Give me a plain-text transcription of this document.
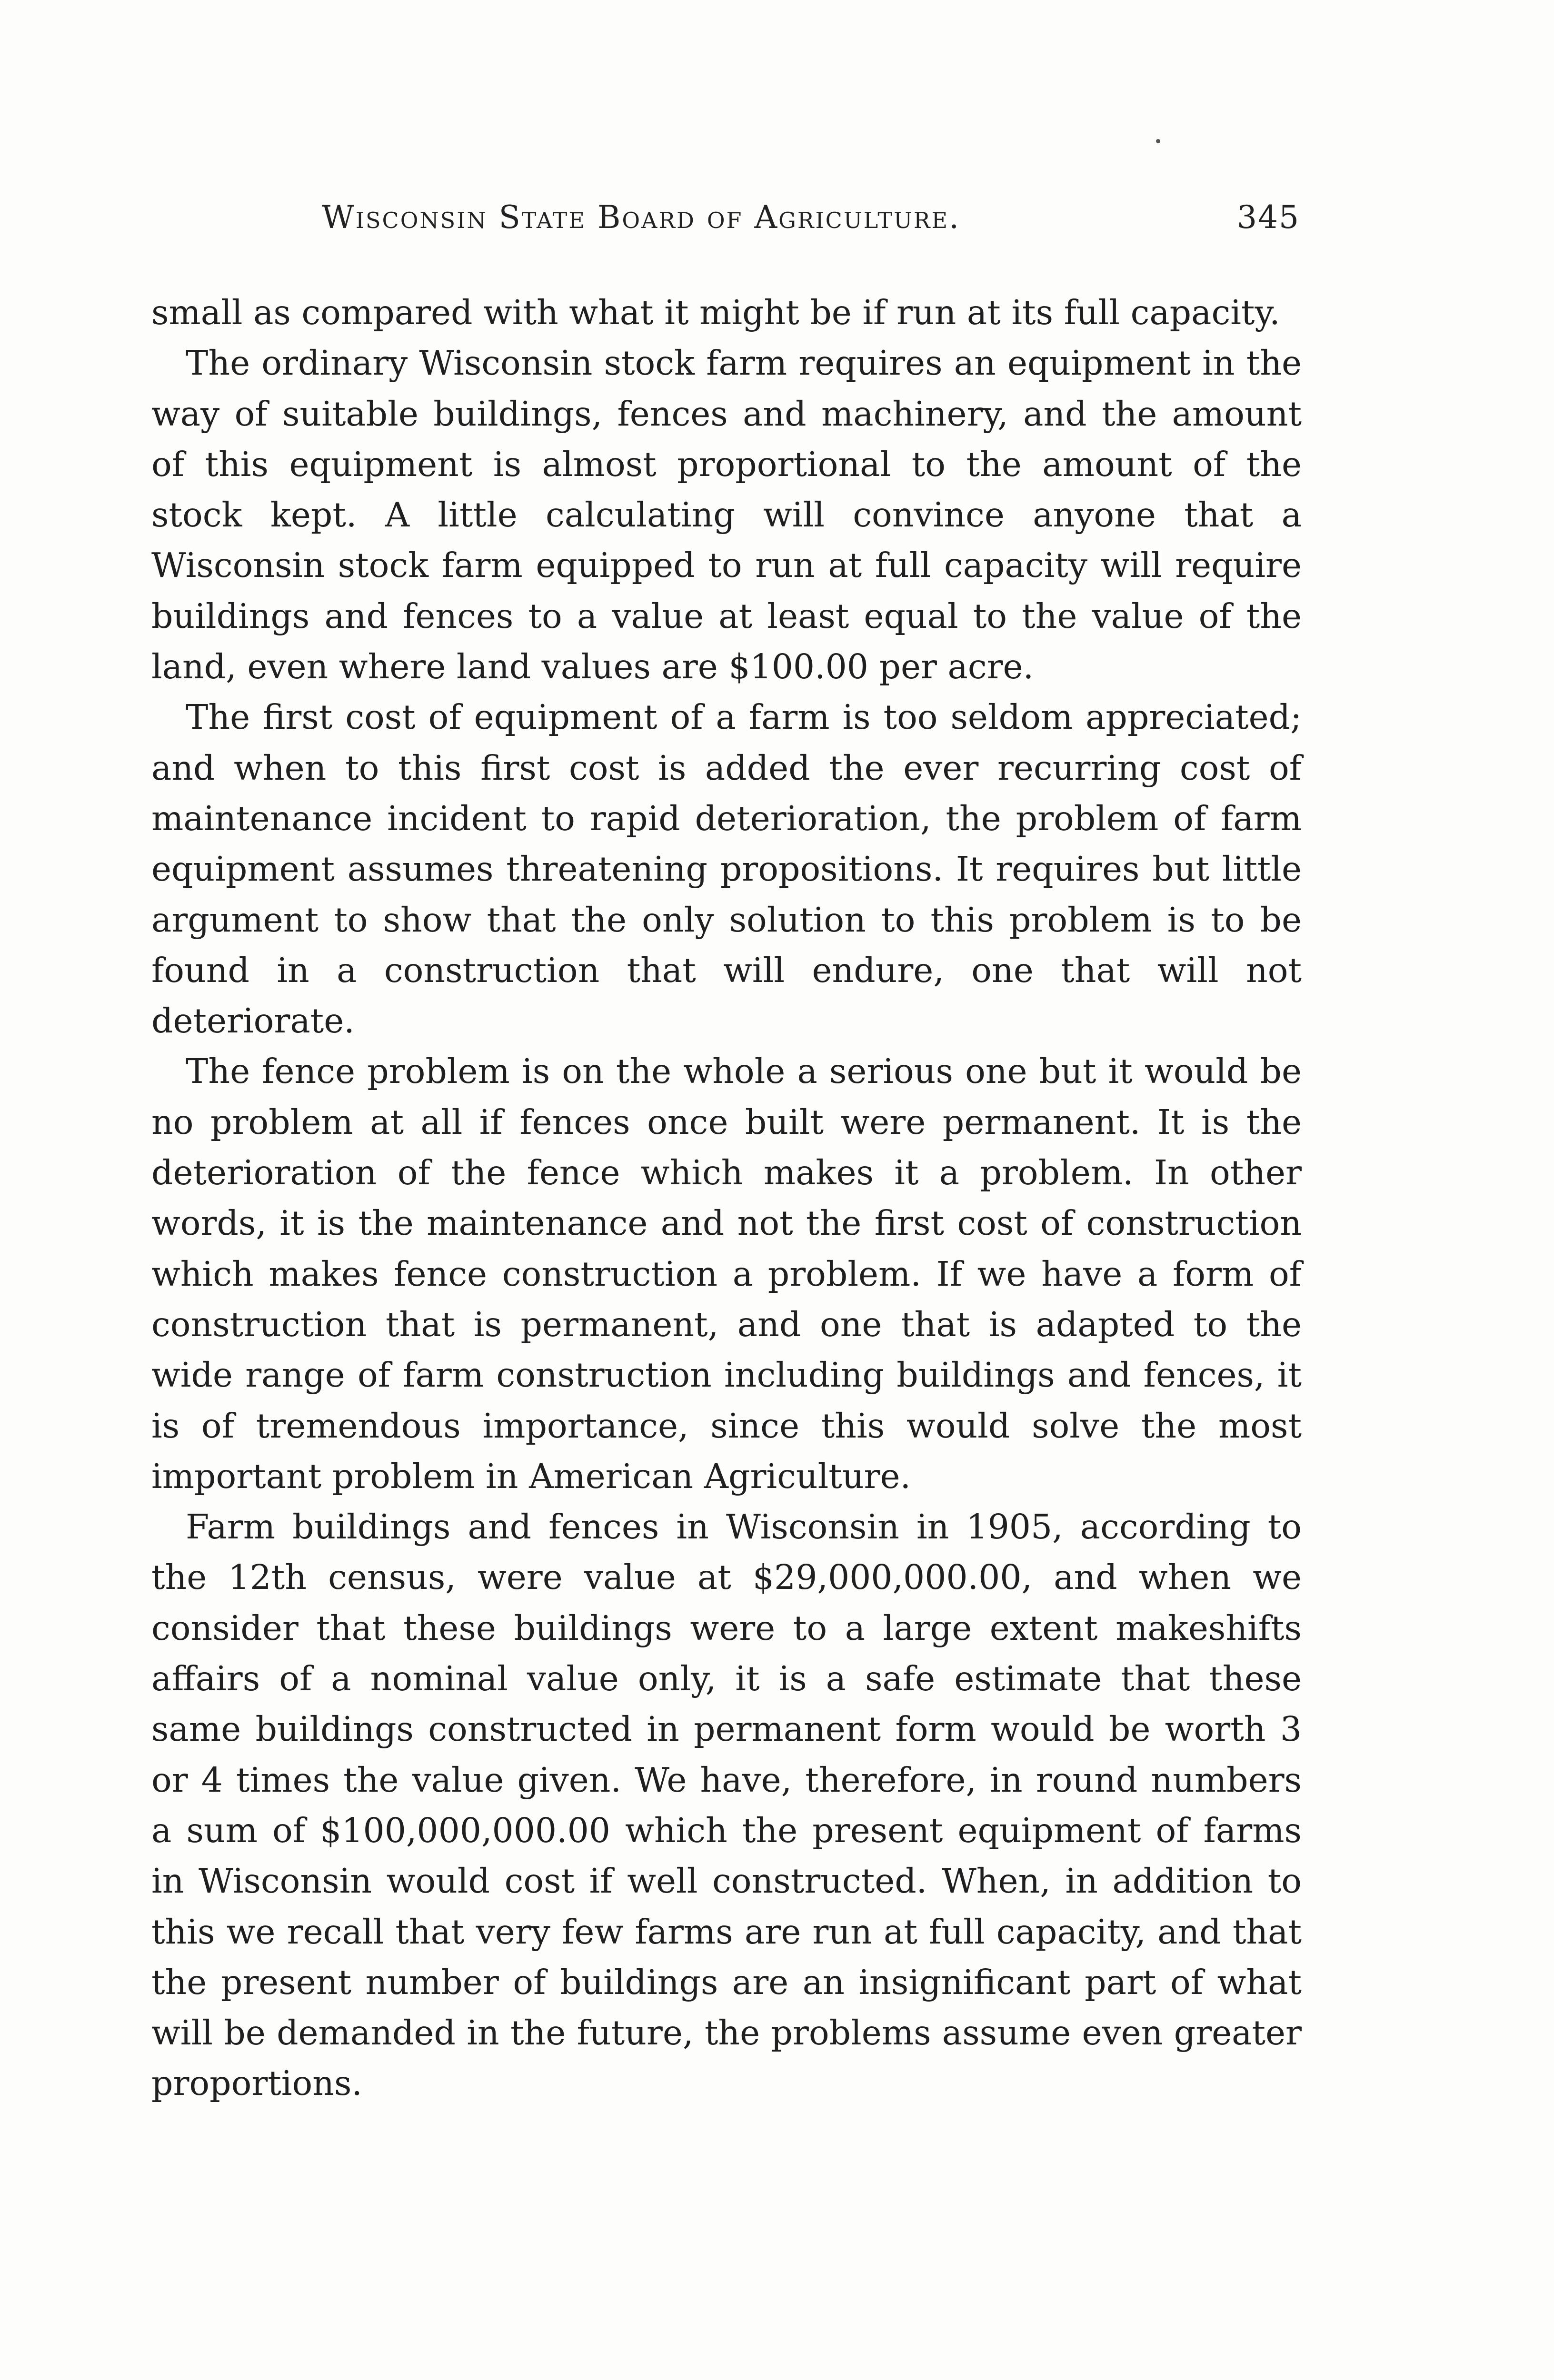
Wisconsin State Board of Agriculture.	345

small as compared with what it might be if run at its full capacity.

The ordinary Wisconsin stock farm requires an equipment in the way of suitable buildings, fences and machinery, and the amount of this equipment is almost proportional to the amount of the stock kept. A little calculating will convince anyone that a Wisconsin stock farm equipped to run at full capacity will require buildings and fences to a value at least equal to the value of the land, even where land values are $100.00 per acre.

The first cost of equipment of a farm is too seldom appreciated; and when to this first cost is added the ever recurring cost of maintenance incident to rapid deterioration, the problem of farm equipment assumes threatening propositions. It requires but little argument to show that the only solution to this problem is to be found in a construction that will endure, one that will not deteriorate.

The fence problem is on the whole a serious one but it would be no problem at all if fences once built were permanent. It is the deterioration of the fence which makes it a problem. In other words, it is the maintenance and not the first cost of construction which makes fence construction a problem. If we have a form of construction that is permanent, and one that is adapted to the wide range of farm construction including buildings and fences, it is of tremendous importance, since this would solve the most important problem in American Agriculture.

Farm buildings and fences in Wisconsin in 1905, according to the 12th census, were value at $29,000,000.00, and when we consider that these buildings were to a large extent makeshifts affairs of a nominal value only, it is a safe estimate that these same buildings constructed in permanent form would be worth 3 or 4 times the value given. We have, therefore, in round numbers a sum of $100,000,000.00 which the present equipment of farms in Wisconsin would cost if well constructed. When, in addition to this we recall that very few farms are run at full capacity, and that the present number of buildings are an insignificant part of what will be demanded in the future, the problems assume even greater proportions.
